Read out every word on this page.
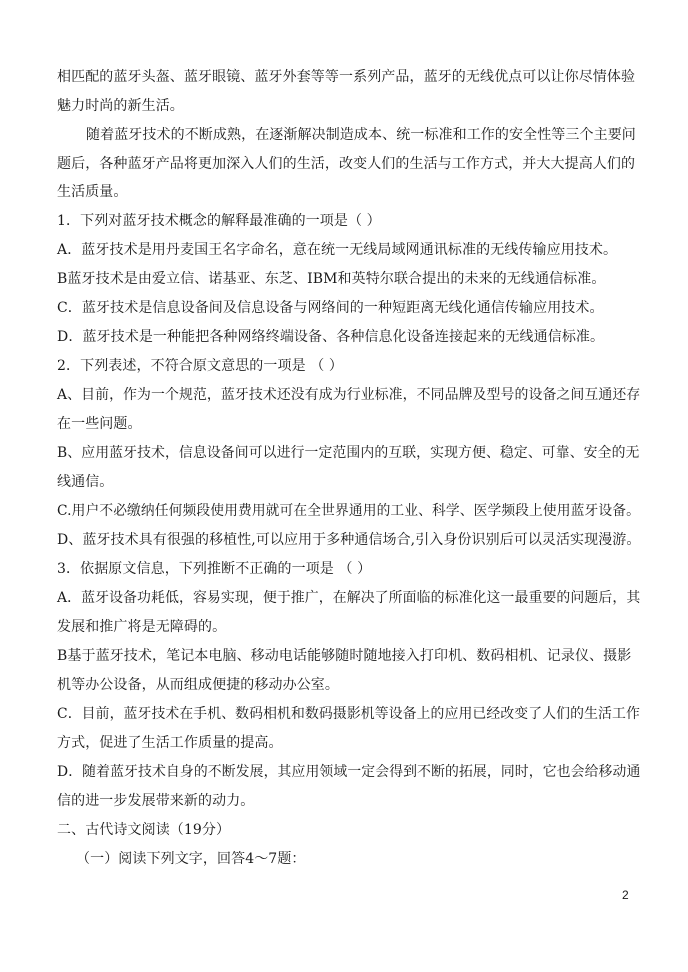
相匹配的蓝牙头盔、蓝牙眼镜、蓝牙外套等等一系列产品，蓝牙的无线优点可以让你尽情体验
魅力时尚的新生活。
随着蓝牙技术的不断成熟，在逐渐解决制造成本、统一标准和工作的安全性等三个主要问
题后，各种蓝牙产品将更加深入人们的生活，改变人们的生活与工作方式，并大大提高人们的
生活质量。
1．下列对蓝牙技术概念的解释最准确的一项是（ ）
A．蓝牙技术是用丹麦国王名字命名，意在统一无线局域网通讯标准的无线传输应用技术。
B蓝牙技术是由爱立信、诺基亚、东芝、IBM和英特尔联合提出的未来的无线通信标准。
C．蓝牙技术是信息设备间及信息设备与网络间的一种短距离无线化通信传输应用技术。
D．蓝牙技术是一种能把各种网络终端设备、各种信息化设备连接起来的无线通信标准。
2．下列表述，不符合原文意思的一项是 （ ）
A、目前，作为一个规范，蓝牙技术还没有成为行业标准，不同品牌及型号的设备之间互通还存
在一些问题。
B、应用蓝牙技术，信息设备间可以进行一定范围内的互联，实现方便、稳定、可靠、安全的无
线通信。
C.用户不必缴纳任何频段使用费用就可在全世界通用的工业、科学、医学频段上使用蓝牙设备。
D、蓝牙技术具有很强的移植性,可以应用于多种通信场合,引入身份识别后可以灵活实现漫游。
3．依据原文信息，下列推断不正确的一项是 （ ）
A．蓝牙设备功耗低，容易实现，便于推广，在解决了所面临的标准化这一最重要的问题后，其
发展和推广将是无障碍的。
B基于蓝牙技术，笔记本电脑、移动电话能够随时随地接入打印机、数码相机、记录仪、摄影
机等办公设备，从而组成便捷的移动办公室。
C．目前，蓝牙技术在手机、数码相机和数码摄影机等设备上的应用已经改变了人们的生活工作
方式，促进了生活工作质量的提高。
D．随着蓝牙技术自身的不断发展，其应用领域一定会得到不断的拓展，同时，它也会给移动通
信的进一步发展带来新的动力。
二、古代诗文阅读（19分）
（一）阅读下列文字，回答4～7题：
2
